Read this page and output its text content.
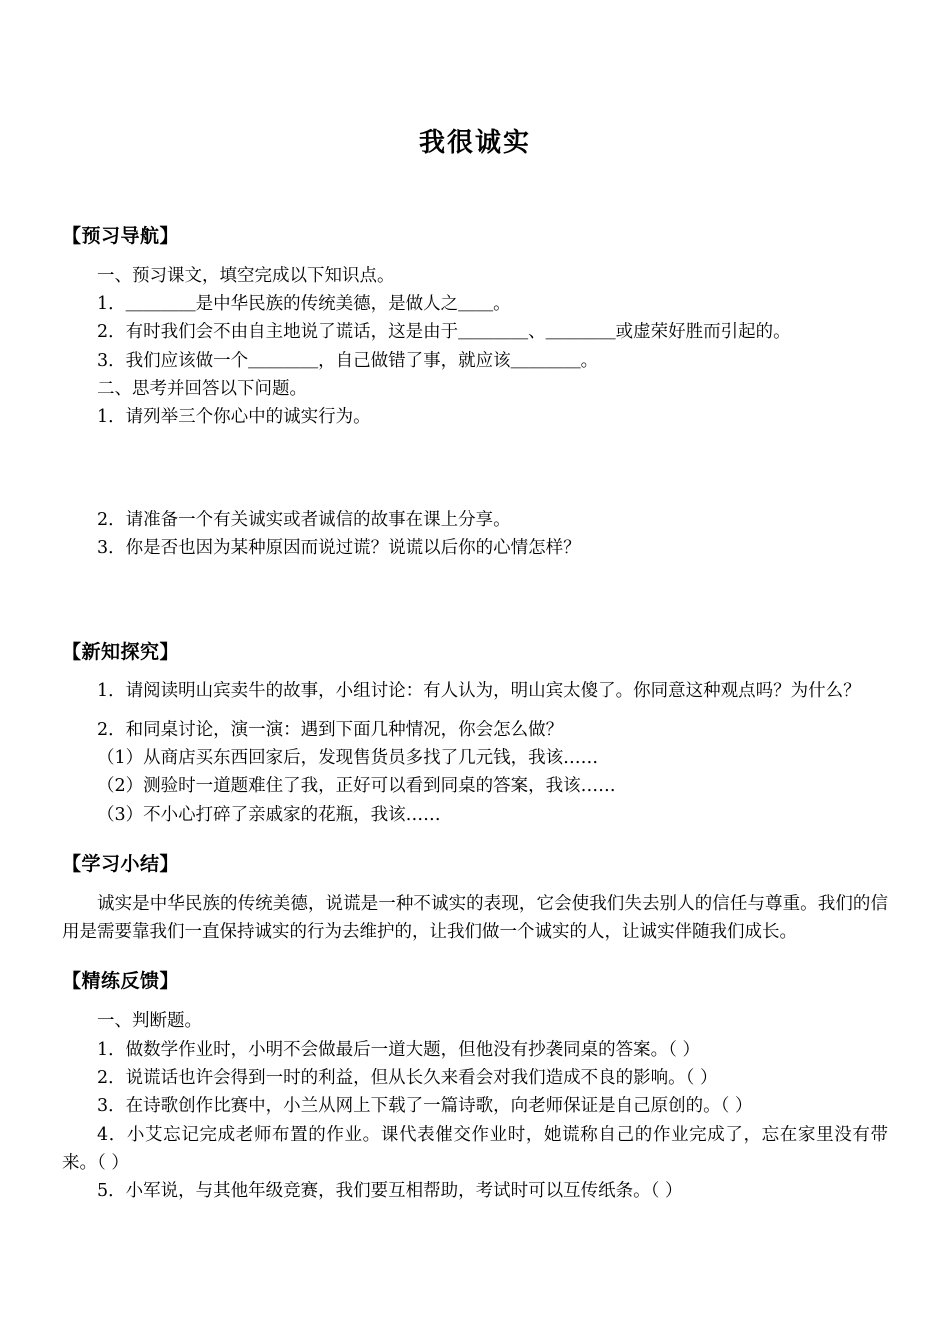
我很诚实
【预习导航】

一、预习课文，填空完成以下知识点。

1．＿＿＿＿是中华民族的传统美德，是做人之＿＿。

2．有时我们会不由自主地说了谎话，这是由于＿＿＿＿、＿＿＿＿或虚荣好胜而引起的。

3．我们应该做一个＿＿＿＿，自己做错了事，就应该＿＿＿＿。

二、思考并回答以下问题。

1．请列举三个你心中的诚实行为。

2．请准备一个有关诚实或者诚信的故事在课上分享。

3．你是否也因为某种原因而说过谎？说谎以后你的心情怎样？

【新知探究】

1．请阅读明山宾卖牛的故事，小组讨论：有人认为，明山宾太傻了。你同意这种观点吗？为什么？

2．和同桌讨论，演一演：遇到下面几种情况，你会怎么做？

（1）从商店买东西回家后，发现售货员多找了几元钱，我该……

（2）测验时一道题难住了我，正好可以看到同桌的答案，我该……

（3）不小心打碎了亲戚家的花瓶，我该……

【学习小结】

诚实是中华民族的传统美德，说谎是一种不诚实的表现，它会使我们失去别人的信任与尊重。我们的信用是需要靠我们一直保持诚实的行为去维护的，让我们做一个诚实的人，让诚实伴随我们成长。

【精练反馈】

一、判断题。

1．做数学作业时，小明不会做最后一道大题，但他没有抄袭同桌的答案。（ ）

2．说谎话也许会得到一时的利益，但从长久来看会对我们造成不良的影响。（ ）

3．在诗歌创作比赛中，小兰从网上下载了一篇诗歌，向老师保证是自己原创的。（ ）

4．小艾忘记完成老师布置的作业。课代表催交作业时，她谎称自己的作业完成了，忘在家里没有带来。（ ）

5．小军说，与其他年级竞赛，我们要互相帮助，考试时可以互传纸条。（ ）
